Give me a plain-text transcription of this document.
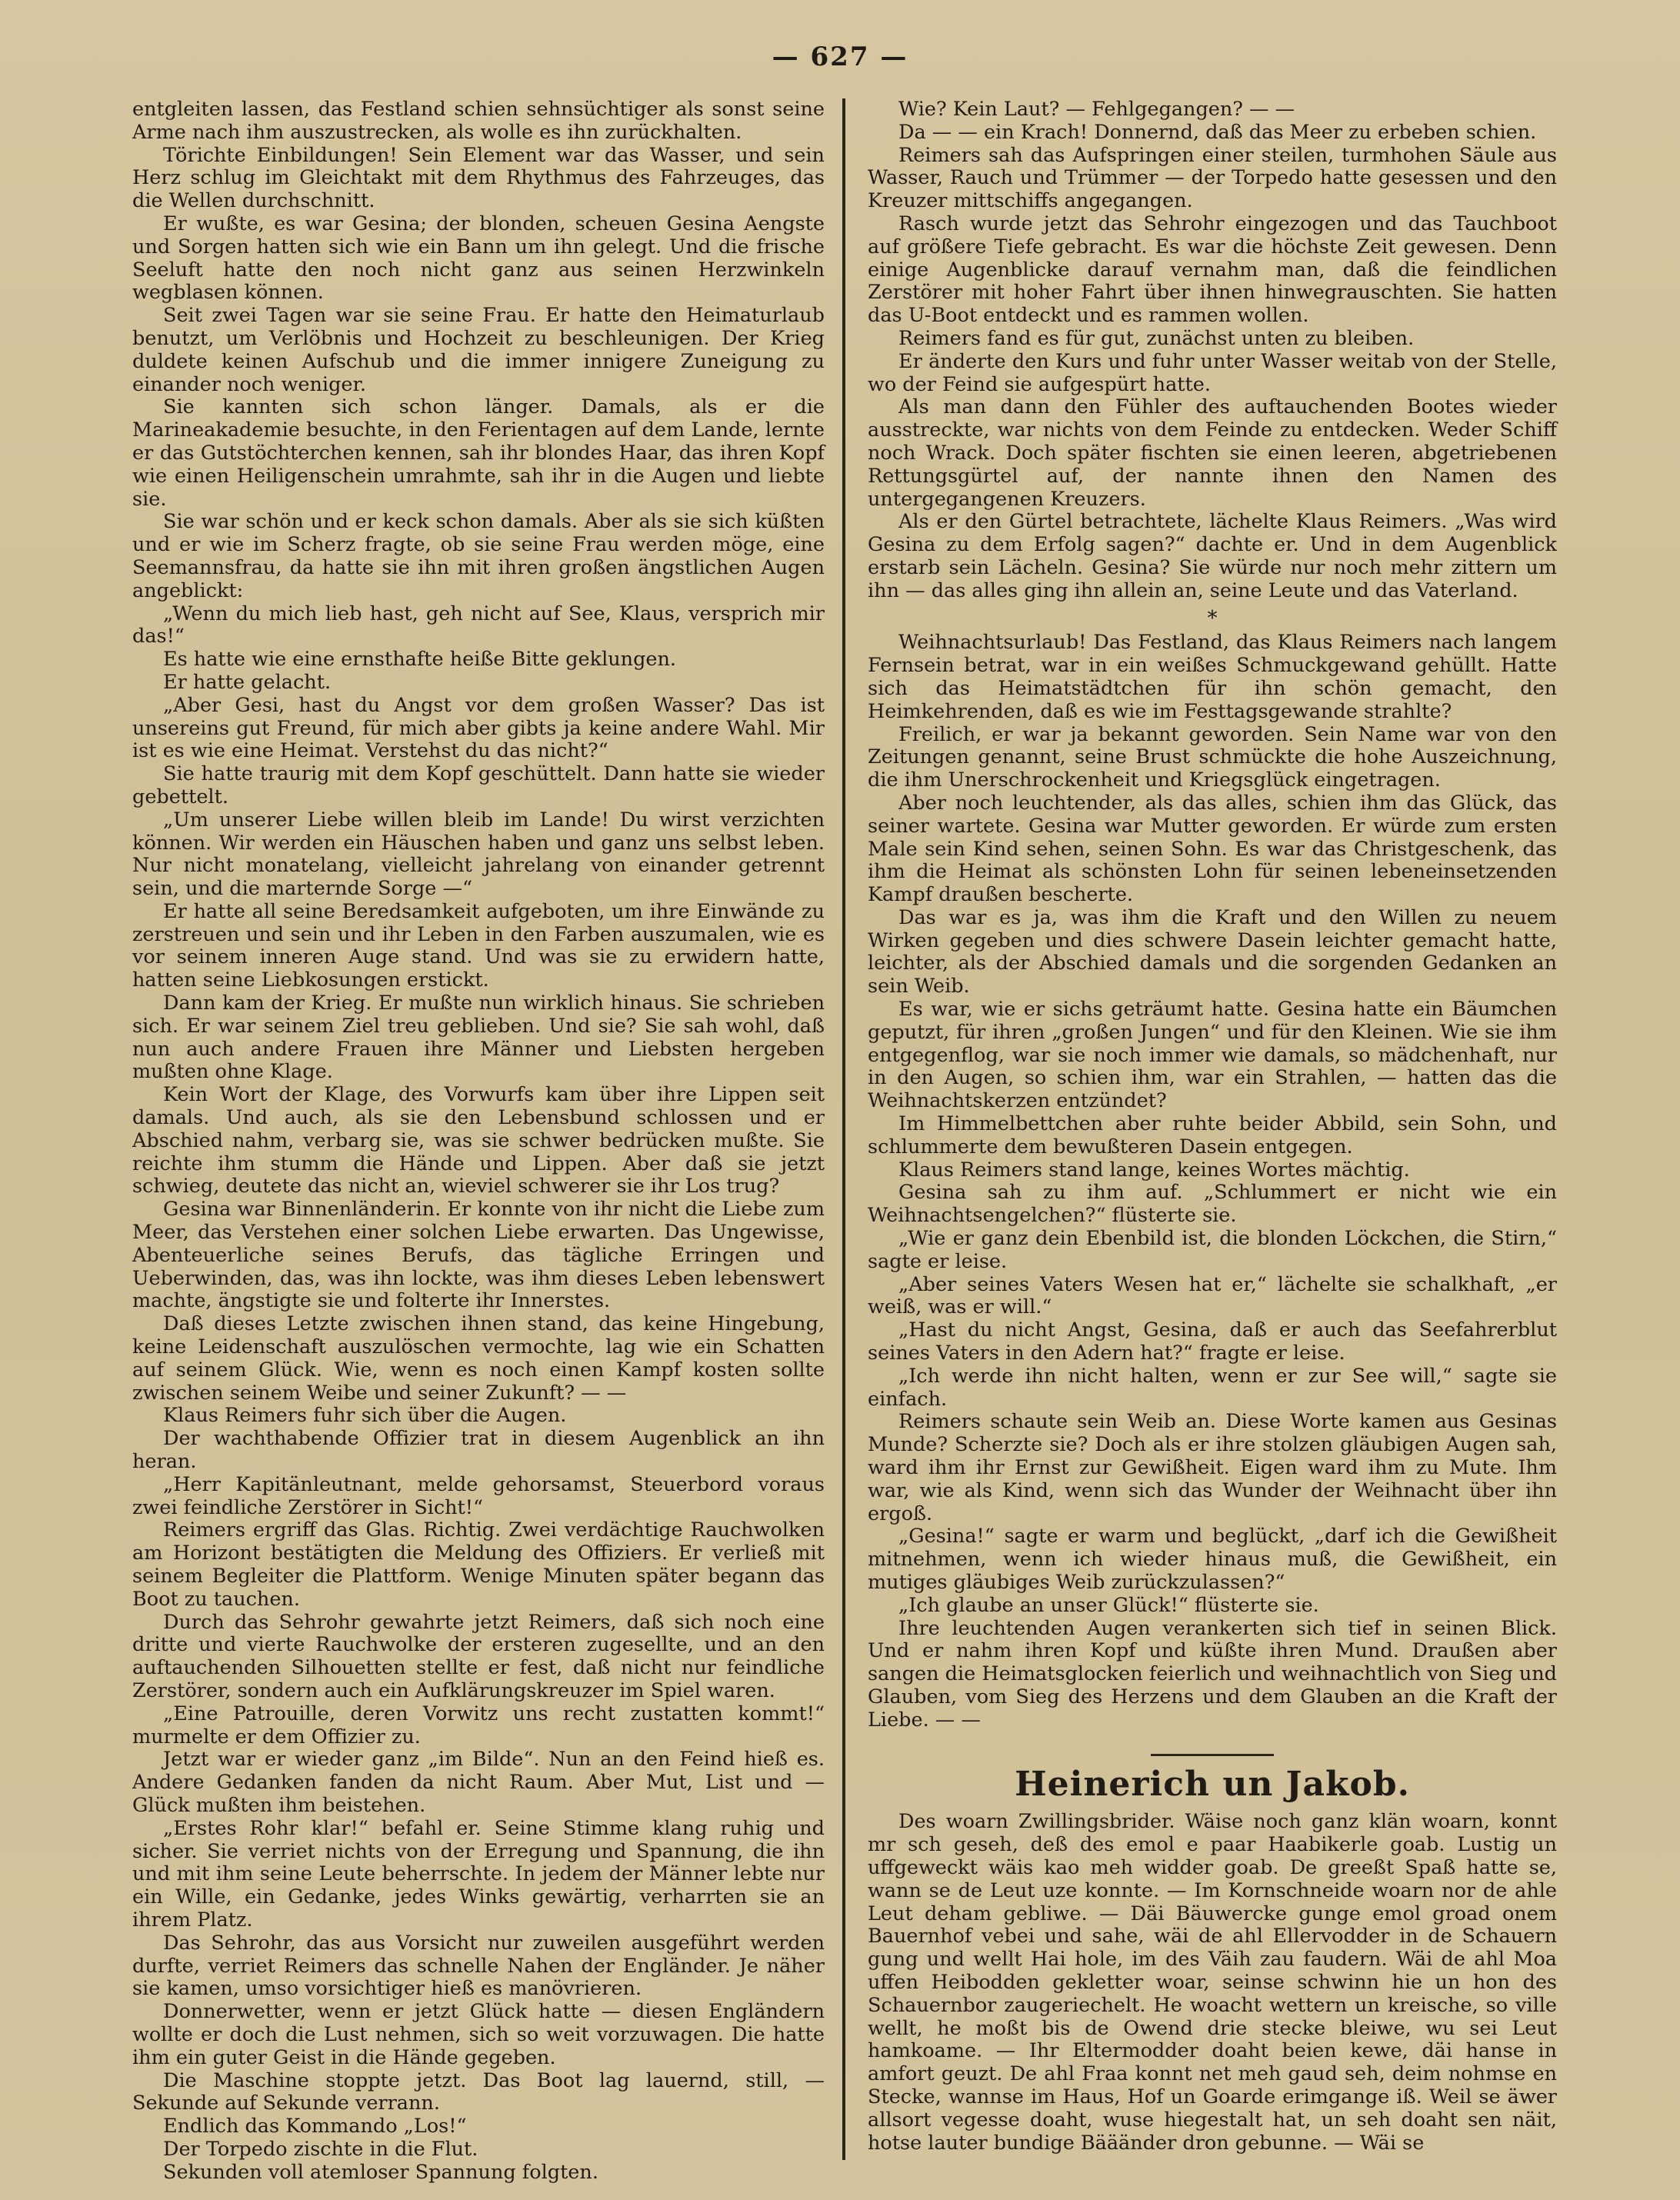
— 627 —

entgleiten lassen, das Festland schien sehnsüchtiger als sonst seine Arme nach ihm auszustrecken, als wolle es ihn zurückhalten.

Törichte Einbildungen! Sein Element war das Wasser, und sein Herz schlug im Gleichtakt mit dem Rhythmus des Fahrzeuges, das die Wellen durchschnitt.

Er wußte, es war Gesina; der blonden, scheuen Gesina Aengste und Sorgen hatten sich wie ein Bann um ihn gelegt. Und die frische Seeluft hatte den noch nicht ganz aus seinen Herzwinkeln wegblasen können.

Seit zwei Tagen war sie seine Frau. Er hatte den Heimaturlaub benutzt, um Verlöbnis und Hochzeit zu beschleunigen. Der Krieg duldete keinen Aufschub und die immer innigere Zuneigung zu einander noch weniger.

Sie kannten sich schon länger. Damals, als er die Marineakademie besuchte, in den Ferientagen auf dem Lande, lernte er das Gutstöchterchen kennen, sah ihr blondes Haar, das ihren Kopf wie einen Heiligenschein umrahmte, sah ihr in die Augen und liebte sie.

Sie war schön und er keck schon damals. Aber als sie sich küßten und er wie im Scherz fragte, ob sie seine Frau werden möge, eine Seemannsfrau, da hatte sie ihn mit ihren großen ängstlichen Augen angeblickt:

„Wenn du mich lieb hast, geh nicht auf See, Klaus, versprich mir das!“

Es hatte wie eine ernsthafte heiße Bitte geklungen.

Er hatte gelacht.

„Aber Gesi, hast du Angst vor dem großen Wasser? Das ist unsereins gut Freund, für mich aber gibts ja keine andere Wahl. Mir ist es wie eine Heimat. Verstehst du das nicht?“

Sie hatte traurig mit dem Kopf geschüttelt. Dann hatte sie wieder gebettelt.

„Um unserer Liebe willen bleib im Lande! Du wirst verzichten können. Wir werden ein Häuschen haben und ganz uns selbst leben. Nur nicht monatelang, vielleicht jahrelang von einander getrennt sein, und die marternde Sorge —“

Er hatte all seine Beredsamkeit aufgeboten, um ihre Einwände zu zerstreuen und sein und ihr Leben in den Farben auszumalen, wie es vor seinem inneren Auge stand. Und was sie zu erwidern hatte, hatten seine Liebkosungen erstickt.

Dann kam der Krieg. Er mußte nun wirklich hinaus. Sie schrieben sich. Er war seinem Ziel treu geblieben. Und sie? Sie sah wohl, daß nun auch andere Frauen ihre Männer und Liebsten hergeben mußten ohne Klage.

Kein Wort der Klage, des Vorwurfs kam über ihre Lippen seit damals. Und auch, als sie den Lebensbund schlossen und er Abschied nahm, verbarg sie, was sie schwer bedrücken mußte. Sie reichte ihm stumm die Hände und Lippen. Aber daß sie jetzt schwieg, deutete das nicht an, wieviel schwerer sie ihr Los trug?

Gesina war Binnenländerin. Er konnte von ihr nicht die Liebe zum Meer, das Verstehen einer solchen Liebe erwarten. Das Ungewisse, Abenteuerliche seines Berufs, das tägliche Erringen und Ueberwinden, das, was ihn lockte, was ihm dieses Leben lebenswert machte, ängstigte sie und folterte ihr Innerstes.

Daß dieses Letzte zwischen ihnen stand, das keine Hingebung, keine Leidenschaft auszulöschen vermochte, lag wie ein Schatten auf seinem Glück. Wie, wenn es noch einen Kampf kosten sollte zwischen seinem Weibe und seiner Zukunft? — —

Klaus Reimers fuhr sich über die Augen.

Der wachthabende Offizier trat in diesem Augenblick an ihn heran.

„Herr Kapitänleutnant, melde gehorsamst, Steuerbord voraus zwei feindliche Zerstörer in Sicht!“

Reimers ergriff das Glas. Richtig. Zwei verdächtige Rauchwolken am Horizont bestätigten die Meldung des Offiziers. Er verließ mit seinem Begleiter die Plattform. Wenige Minuten später begann das Boot zu tauchen.

Durch das Sehrohr gewahrte jetzt Reimers, daß sich noch eine dritte und vierte Rauchwolke der ersteren zugesellte, und an den auftauchenden Silhouetten stellte er fest, daß nicht nur feindliche Zerstörer, sondern auch ein Aufklärungskreuzer im Spiel waren.

„Eine Patrouille, deren Vorwitz uns recht zustatten kommt!“ murmelte er dem Offizier zu.

Jetzt war er wieder ganz „im Bilde“. Nun an den Feind hieß es. Andere Gedanken fanden da nicht Raum. Aber Mut, List und — Glück mußten ihm beistehen.

„Erstes Rohr klar!“ befahl er. Seine Stimme klang ruhig und sicher. Sie verriet nichts von der Erregung und Spannung, die ihn und mit ihm seine Leute beherrschte. In jedem der Männer lebte nur ein Wille, ein Gedanke, jedes Winks gewärtig, verharrten sie an ihrem Platz.

Das Sehrohr, das aus Vorsicht nur zuweilen ausgeführt werden durfte, verriet Reimers das schnelle Nahen der Engländer. Je näher sie kamen, umso vorsichtiger hieß es manövrieren.

Donnerwetter, wenn er jetzt Glück hatte — diesen Engländern wollte er doch die Lust nehmen, sich so weit vorzuwagen. Die hatte ihm ein guter Geist in die Hände gegeben.

Die Maschine stoppte jetzt. Das Boot lag lauernd, still, — Sekunde auf Sekunde verrann.

Endlich das Kommando „Los!“

Der Torpedo zischte in die Flut.

Sekunden voll atemloser Spannung folgten.

Wie? Kein Laut? — Fehlgegangen? — —

Da — — ein Krach! Donnernd, daß das Meer zu erbeben schien.

Reimers sah das Aufspringen einer steilen, turmhohen Säule aus Wasser, Rauch und Trümmer — der Torpedo hatte gesessen und den Kreuzer mittschiffs angegangen.

Rasch wurde jetzt das Sehrohr eingezogen und das Tauchboot auf größere Tiefe gebracht. Es war die höchste Zeit gewesen. Denn einige Augenblicke darauf vernahm man, daß die feindlichen Zerstörer mit hoher Fahrt über ihnen hinwegrauschten. Sie hatten das U-Boot entdeckt und es rammen wollen.

Reimers fand es für gut, zunächst unten zu bleiben.

Er änderte den Kurs und fuhr unter Wasser weitab von der Stelle, wo der Feind sie aufgespürt hatte.

Als man dann den Fühler des auftauchenden Bootes wieder ausstreckte, war nichts von dem Feinde zu entdecken. Weder Schiff noch Wrack. Doch später fischten sie einen leeren, abgetriebenen Rettungsgürtel auf, der nannte ihnen den Namen des untergegangenen Kreuzers.

Als er den Gürtel betrachtete, lächelte Klaus Reimers. „Was wird Gesina zu dem Erfolg sagen?“ dachte er. Und in dem Augenblick erstarb sein Lächeln. Gesina? Sie würde nur noch mehr zittern um ihn — das alles ging ihn allein an, seine Leute und das Vaterland.

*

Weihnachtsurlaub! Das Festland, das Klaus Reimers nach langem Fernsein betrat, war in ein weißes Schmuckgewand gehüllt. Hatte sich das Heimatstädtchen für ihn schön gemacht, den Heimkehrenden, daß es wie im Festtagsgewande strahlte?

Freilich, er war ja bekannt geworden. Sein Name war von den Zeitungen genannt, seine Brust schmückte die hohe Auszeichnung, die ihm Unerschrockenheit und Kriegsglück eingetragen.

Aber noch leuchtender, als das alles, schien ihm das Glück, das seiner wartete. Gesina war Mutter geworden. Er würde zum ersten Male sein Kind sehen, seinen Sohn. Es war das Christgeschenk, das ihm die Heimat als schönsten Lohn für seinen lebeneinsetzenden Kampf draußen bescherte.

Das war es ja, was ihm die Kraft und den Willen zu neuem Wirken gegeben und dies schwere Dasein leichter gemacht hatte, leichter, als der Abschied damals und die sorgenden Gedanken an sein Weib.

Es war, wie er sichs geträumt hatte. Gesina hatte ein Bäumchen geputzt, für ihren „großen Jungen“ und für den Kleinen. Wie sie ihm entgegenflog, war sie noch immer wie damals, so mädchenhaft, nur in den Augen, so schien ihm, war ein Strahlen, — hatten das die Weihnachtskerzen entzündet?

Im Himmelbettchen aber ruhte beider Abbild, sein Sohn, und schlummerte dem bewußteren Dasein entgegen.

Klaus Reimers stand lange, keines Wortes mächtig.

Gesina sah zu ihm auf. „Schlummert er nicht wie ein Weihnachtsengelchen?“ flüsterte sie.

„Wie er ganz dein Ebenbild ist, die blonden Löckchen, die Stirn,“ sagte er leise.

„Aber seines Vaters Wesen hat er,“ lächelte sie schalkhaft, „er weiß, was er will.“

„Hast du nicht Angst, Gesina, daß er auch das Seefahrerblut seines Vaters in den Adern hat?“ fragte er leise.

„Ich werde ihn nicht halten, wenn er zur See will,“ sagte sie einfach.

Reimers schaute sein Weib an. Diese Worte kamen aus Gesinas Munde? Scherzte sie? Doch als er ihre stolzen gläubigen Augen sah, ward ihm ihr Ernst zur Gewißheit. Eigen ward ihm zu Mute. Ihm war, wie als Kind, wenn sich das Wunder der Weihnacht über ihn ergoß.

„Gesina!“ sagte er warm und beglückt, „darf ich die Gewißheit mitnehmen, wenn ich wieder hinaus muß, die Gewißheit, ein mutiges gläubiges Weib zurückzulassen?“

„Ich glaube an unser Glück!“ flüsterte sie.

Ihre leuchtenden Augen verankerten sich tief in seinen Blick. Und er nahm ihren Kopf und küßte ihren Mund. Draußen aber sangen die Heimatsglocken feierlich und weihnachtlich von Sieg und Glauben, vom Sieg des Herzens und dem Glauben an die Kraft der Liebe. — —

Heinerich un Jakob.

Des woarn Zwillingsbrider. Wäise noch ganz klän woarn, konnt mr sch geseh, deß des emol e paar Haabikerle goab. Lustig un uffgeweckt wäis kao meh widder goab. De greeßt Spaß hatte se, wann se de Leut uze konnte. — Im Kornschneide woarn nor de ahle Leut deham gebliwe. — Däi Bäuwercke gunge emol groad onem Bauernhof vebei und sahe, wäi de ahl Ellervodder in de Schauern gung und wellt Hai hole, im des Väih zau faudern. Wäi de ahl Moa uffen Heibodden gekletter woar, seinse schwinn hie un hon des Schauernbor zaugeriechelt. He woacht wettern un kreische, so ville wellt, he moßt bis de Owend drie stecke bleiwe, wu sei Leut hamkoame. — Ihr Eltermodder doaht beien kewe, däi hanse in amfort geuzt. De ahl Fraa konnt net meh gaud seh, deim nohmse en Stecke, wannse im Haus, Hof un Goarde erimgange iß. Weil se äwer allsort vegesse doaht, wuse hiegestalt hat, un seh doaht sen näit, hotse lauter bundige Bääänder dron gebunne. — Wäi se
